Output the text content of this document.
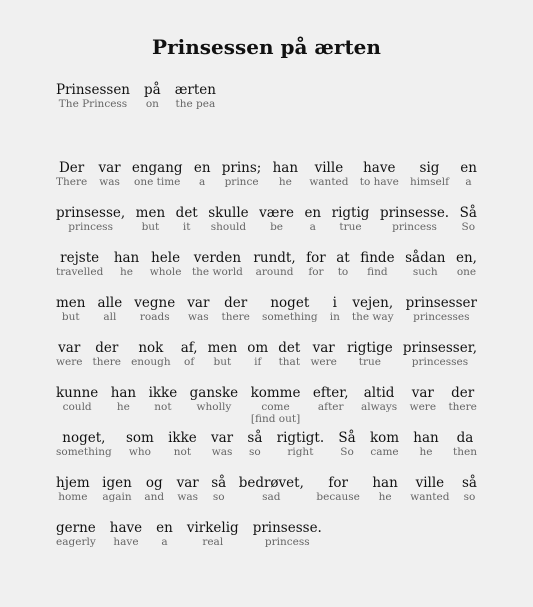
Prinsessen på ærten
Prinsessen
The Princess
på
on
ærten
the pea
Der
There
var
was
engang
one time
en
a
prins;
prince
han
he
ville
wanted
have
to have
sig
himself
en
a
prinsesse,
princess
men
but
det
it
skulle
should
være
be
en
a
rigtig
true
prinsesse.
princess
Så
So
rejste
travelled
han
he
hele
whole
verden
the world
rundt,
around
for
for
at
to
finde
find
sådan
such
en,
one
men
but
alle
all
vegne
roads
var
was
der
there
noget
something
i
in
vejen,
the way
prinsesser
princesses
var
were
der
there
nok
enough
af,
of
men
but
om
if
det
that
var
were
rigtige
true
prinsesser,
princesses
kunne
could
han
he
ikke
not
ganske
wholly
komme
come
[find out]
efter,
after
altid
always
var
were
der
there
noget,
something
som
who
ikke
not
var
was
så
so
rigtigt.
right
Så
So
kom
came
han
he
da
then
hjem
home
igen
again
og
and
var
was
så
so
bedrøvet,
sad
for
because
han
he
ville
wanted
så
so
gerne
eagerly
have
have
en
a
virkelig
real
prinsesse.
princess
